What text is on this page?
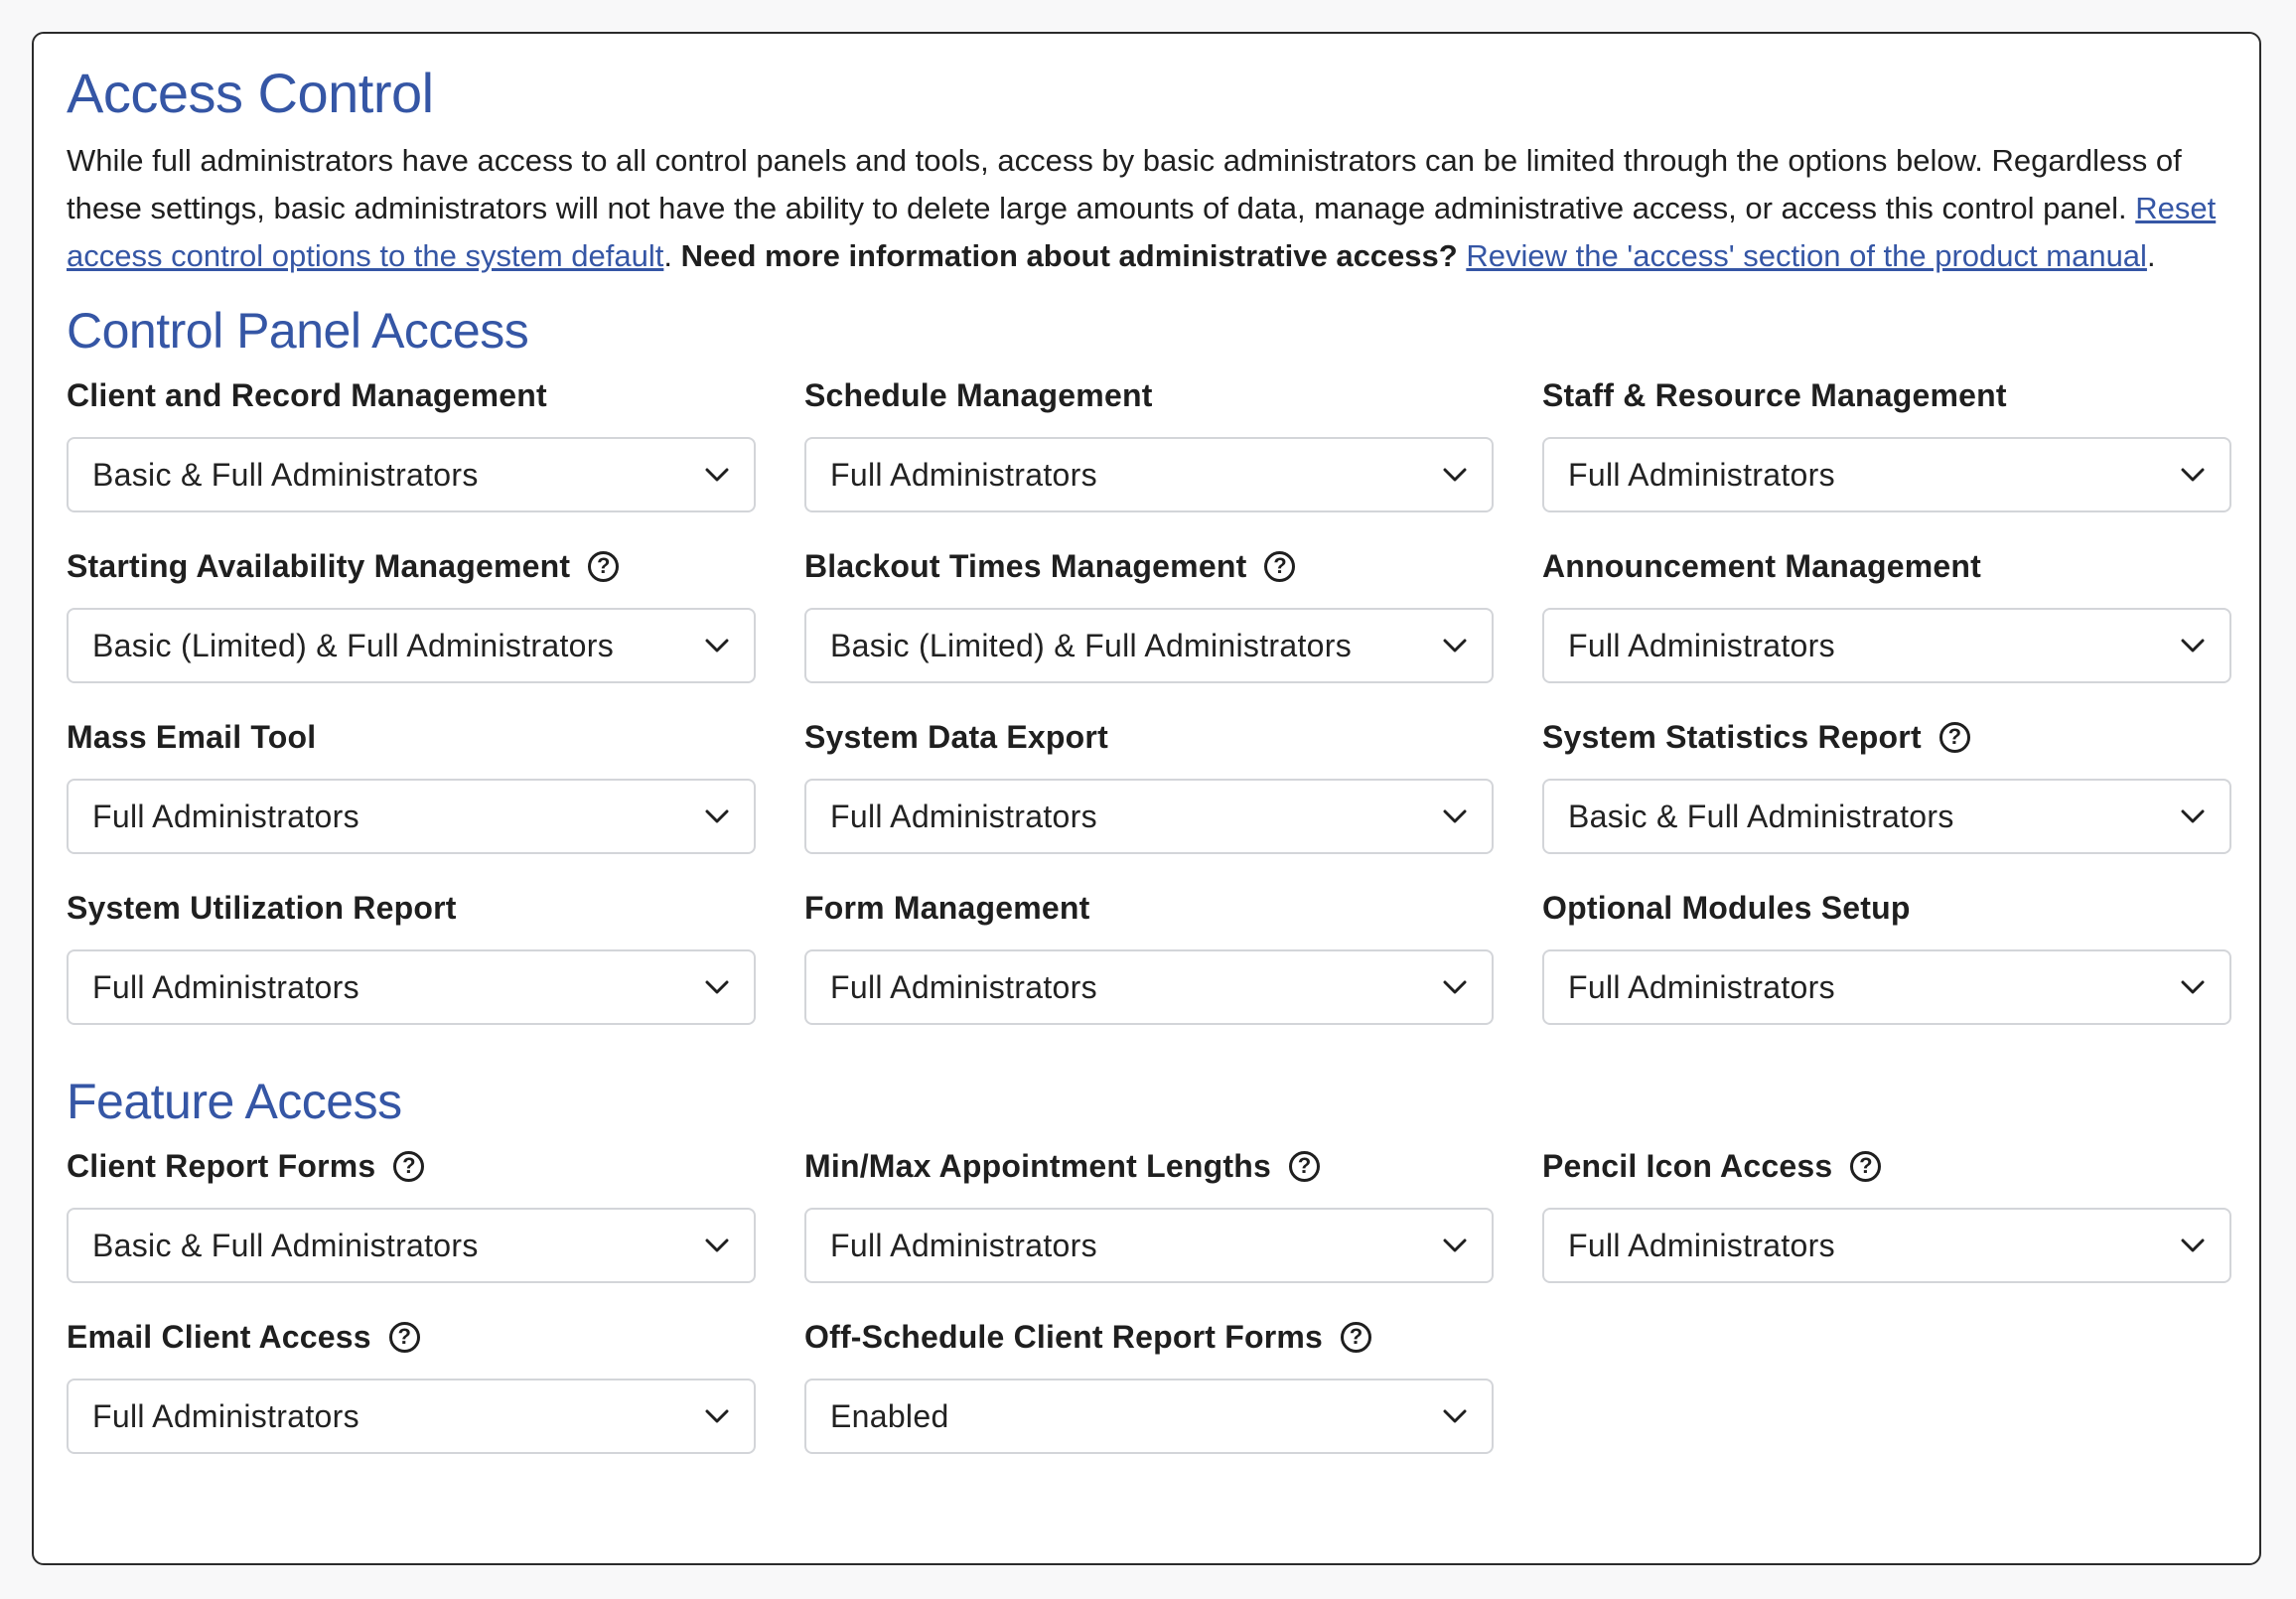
Access Control

While full administrators have access to all control panels and tools, access by basic administrators can be limited through the options below. Regardless of these settings, basic administrators will not have the ability to delete large amounts of data, manage administrative access, or access this control panel. Reset access control options to the system default. Need more information about administrative access? Review the 'access' section of the product manual.

Control Panel Access
Client and Record Management
Basic & Full Administrators
Schedule Management
Full Administrators
Staff & Resource Management
Full Administrators
Starting Availability Management	?
Basic (Limited) & Full Administrators
Blackout Times Management	?
Basic (Limited) & Full Administrators
Announcement Management
Full Administrators
Mass Email Tool
Full Administrators
System Data Export
Full Administrators
System Statistics Report	?
Basic & Full Administrators
System Utilization Report
Full Administrators
Form Management
Full Administrators
Optional Modules Setup
Full Administrators
Feature Access
Client Report Forms	?
Basic & Full Administrators
Min/Max Appointment Lengths	?
Full Administrators
Pencil Icon Access	?
Full Administrators
Email Client Access	?
Full Administrators
Off-Schedule Client Report Forms	?
Enabled
